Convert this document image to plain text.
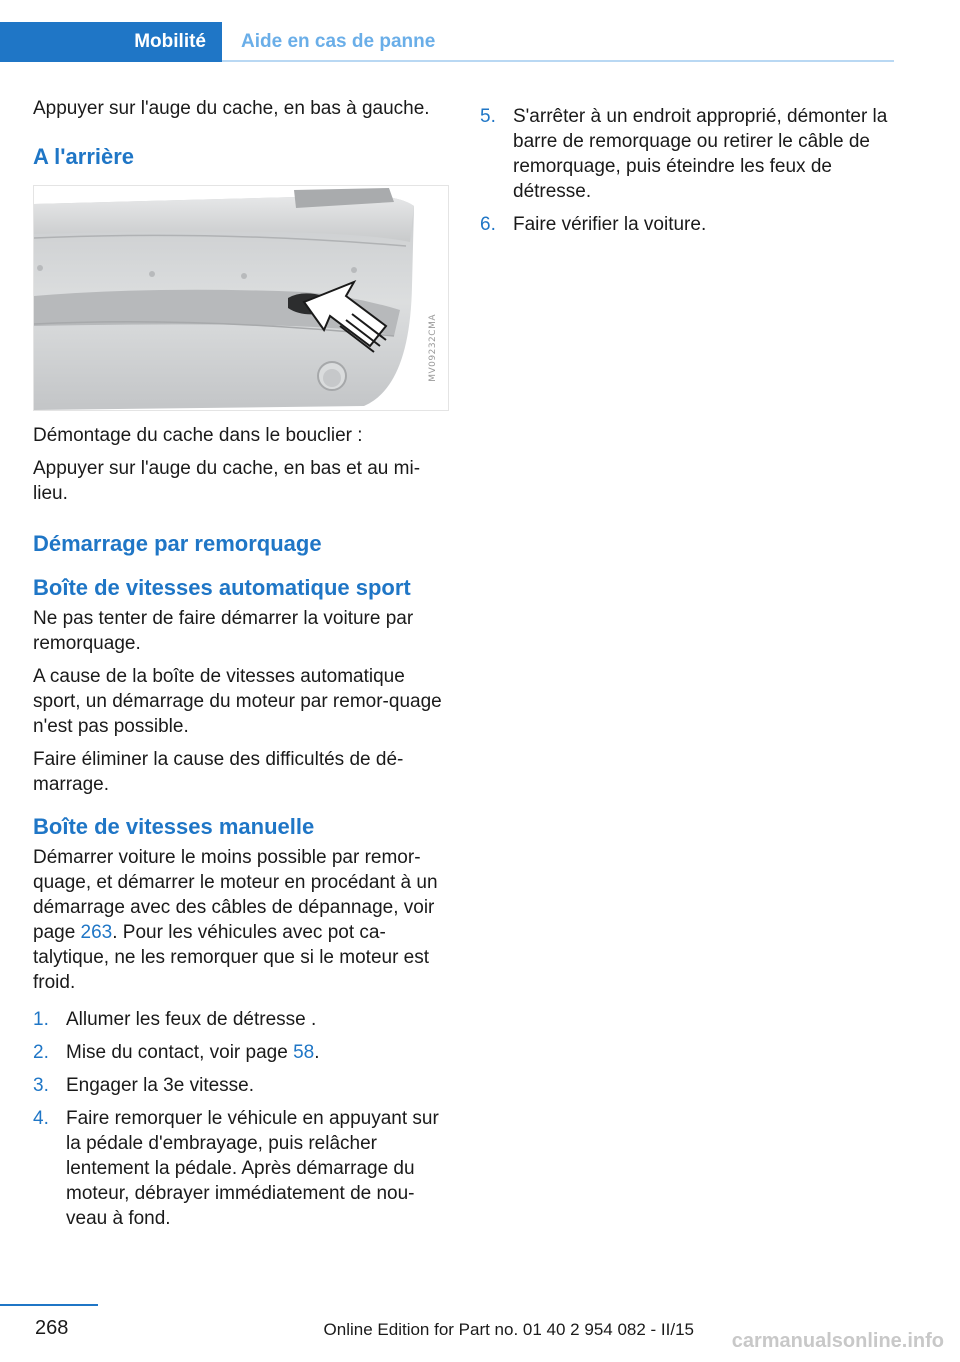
Mobilité Aide en cas de panne

Appuyer sur l'auge du cache, en bas à gauche.

A l'arrière
MV09232CMA

Démontage du cache dans le bouclier :

Appuyer sur l'auge du cache, en bas et au mi-lieu.

Démarrage par remorquage
Boîte de vitesses automatique sport

Ne pas tenter de faire démarrer la voiture par remorquage.

A cause de la boîte de vitesses automatique sport, un démarrage du moteur par remor-quage n'est pas possible.

Faire éliminer la cause des difficultés de dé-marrage.

Boîte de vitesses manuelle

Démarrer voiture le moins possible par remor-quage, et démarrer le moteur en procédant à un démarrage avec des câbles de dépannage, voir page 263. Pour les véhicules avec pot ca-talytique, ne les remorquer que si le moteur est froid.

1. Allumer les feux de détresse .
2. Mise du contact, voir page 58.
3. Engager la 3e vitesse.
4. Faire remorquer le véhicule en appuyant sur la pédale d'embrayage, puis relâcher lentement la pédale. Après démarrage du moteur, débrayer immédiatement de nou-veau à fond.
5. S'arrêter à un endroit approprié, démonter la barre de remorquage ou retirer le câble de remorquage, puis éteindre les feux de détresse.
6. Faire vérifier la voiture.
268	Online Edition for Part no. 01 40 2 954 082 - II/15
carmanualsonline.info
